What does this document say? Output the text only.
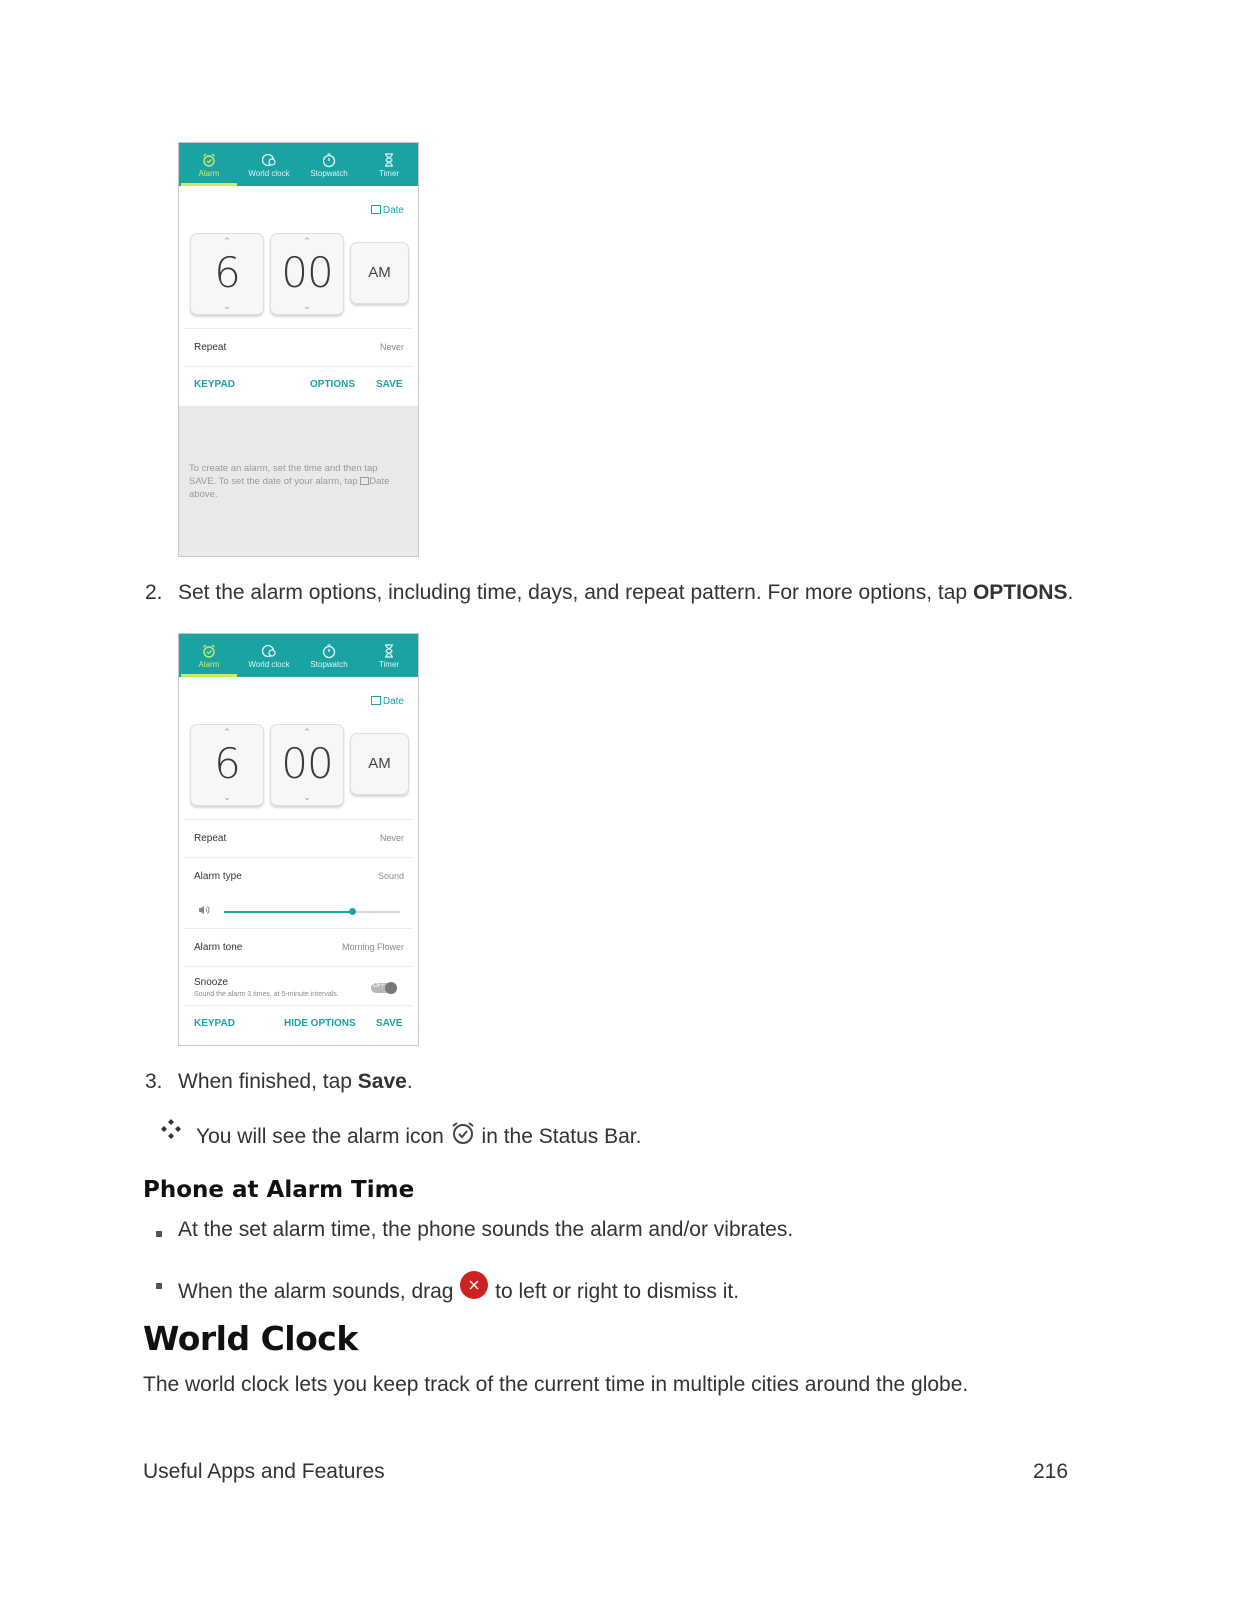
Alarm	World clock	Stopwatch	Timer
Date
⌃
6
⌄
⌃
00
⌄
AM
Repeat	Never
KEYPAD	OPTIONS SAVE
To create an alarm, set the time and then tap
SAVE. To set the date of your alarm, tap Date
above.
2. Set the alarm options, including time, days, and repeat pattern. For more options, tap OPTIONS.
Alarm	World clock	Stopwatch	Timer
Date
⌃
6
⌄
⌃
00
⌄
AM
Repeat	Never
Alarm type	Sound
Alarm tone	Morning Flower
Snooze
Sound the alarm 3 times, at 5-minute intervals.
OFF
KEYPAD	HIDE OPTIONS SAVE
3. When finished, tap Save.
You will see the alarm icon in the Status Bar.
Phone at Alarm Time
At the set alarm time, the phone sounds the alarm and/or vibrates.
When the alarm sounds, drag to left or right to dismiss it.
World Clock
The world clock lets you keep track of the current time in multiple cities around the globe.
Useful Apps and Features	216
